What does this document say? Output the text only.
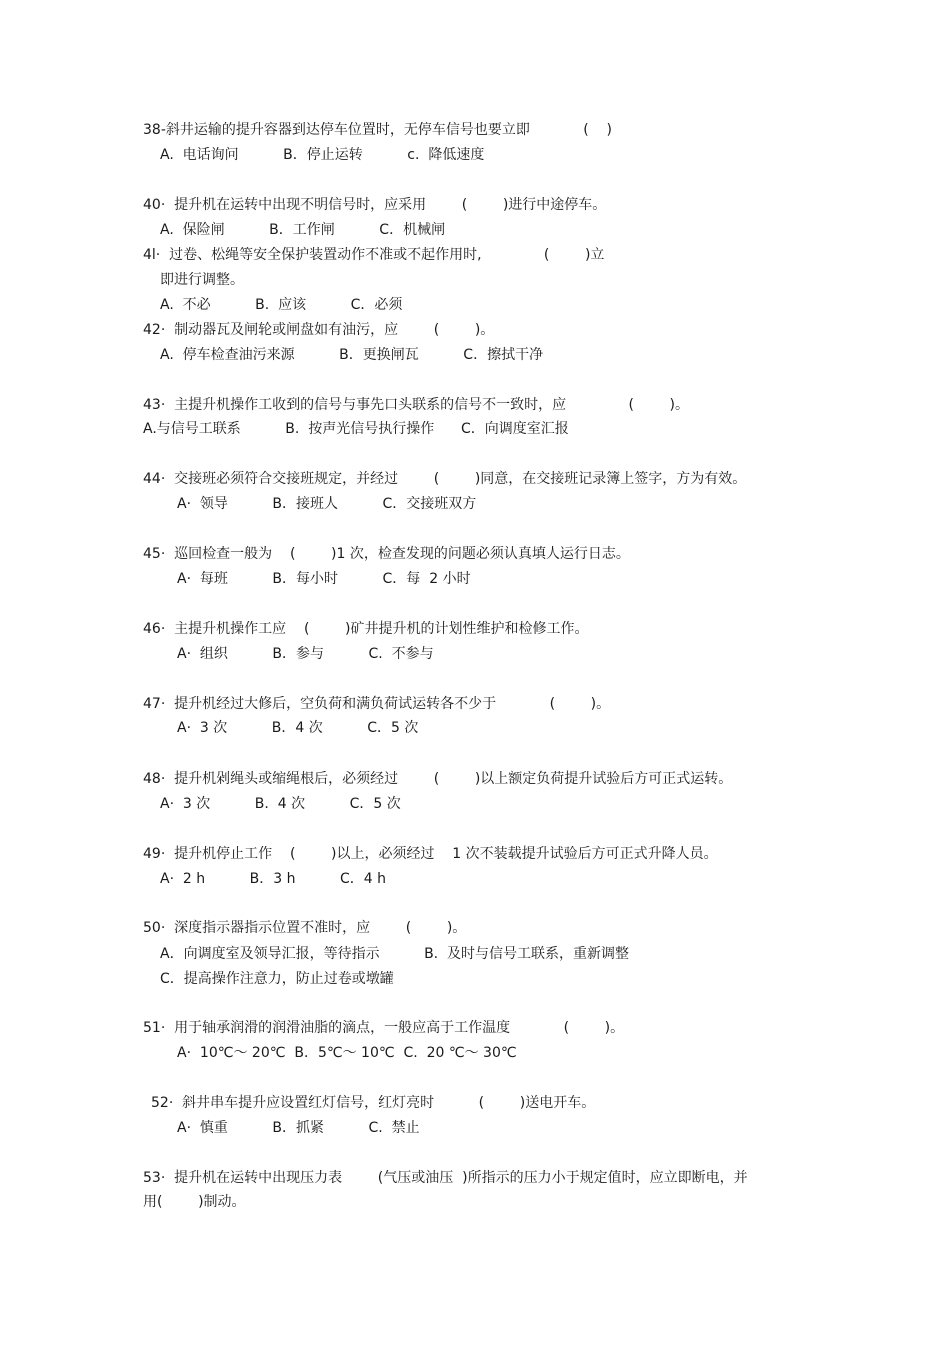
38-斜井运输的提升容器到达停车位置时，无停车信号也要立即            (    )
A.  电话询问          B．停止运转          c.  降低速度
40·  提升机在运转中出现不明信号时，应采用        (        )进行中途停车。
A.  保险闸          B．工作闸          C．机械闸
4l·  过卷、松绳等安全保护装置动作不准或不起作用时,              (        )立
即进行调整。
A.  不必          B.  应该          C．必须
42·  制动器瓦及闸轮或闸盘如有油污，应        (        )。
A.  停车检查油污来源          B．更换闸瓦          C．擦拭干净
43·  主提升机操作工收到的信号与事先口头联系的信号不一致时，应              (        )。
A.与信号工联系          B.  按声光信号执行操作      C．向调度室汇报
44·  交接班必须符合交接班规定，并经过        (        )同意，在交接班记录簿上签字，方为有效。
A·  领导          B．接班人          C．交接班双方
45·  巡回检查一般为    (        )1 次，检查发现的问题必须认真填人运行日志。
A·  每班          B．每小时          C．每  2 小时
46·  主提升机操作工应    (        )矿井提升机的计划性维护和检修工作。
A·  组织          B．参与          C.  不参与
47·  提升机经过大修后，空负荷和满负荷试运转各不少于            (        )。
A·  3 次          B．4 次          C．5 次
48·  提升机剁绳头或缩绳根后，必须经过        (        )以上额定负荷提升试验后方可正式运转。
A·  3 次          B.  4 次          C．5 次
49·  提升机停止工作    (        )以上，必须经过    1 次不装载提升试验后方可正式升降人员。
A·  2 h          B．3 h          C．4 h
50·  深度指示器指示位置不准时，应        (        )。
A．向调度室及领导汇报，等待指示          B.  及时与信号工联系，重新调整
C．提高操作注意力，防止过卷或墩罐
51·  用于轴承润滑的润滑油脂的滴点，一般应高于工作温度            (        )。
A·  10℃～ 20℃  B．5℃～ 10℃  C.  20 ℃～ 30℃
52·  斜井串车提升应设置红灯信号，红灯亮时          (        )送电开车。
A·  慎重          B．抓紧          C.  禁止
53·  提升机在运转中出现压力表        (气压或油压  )所指示的压力小于规定值时，应立即断电，并
用(        )制动。
